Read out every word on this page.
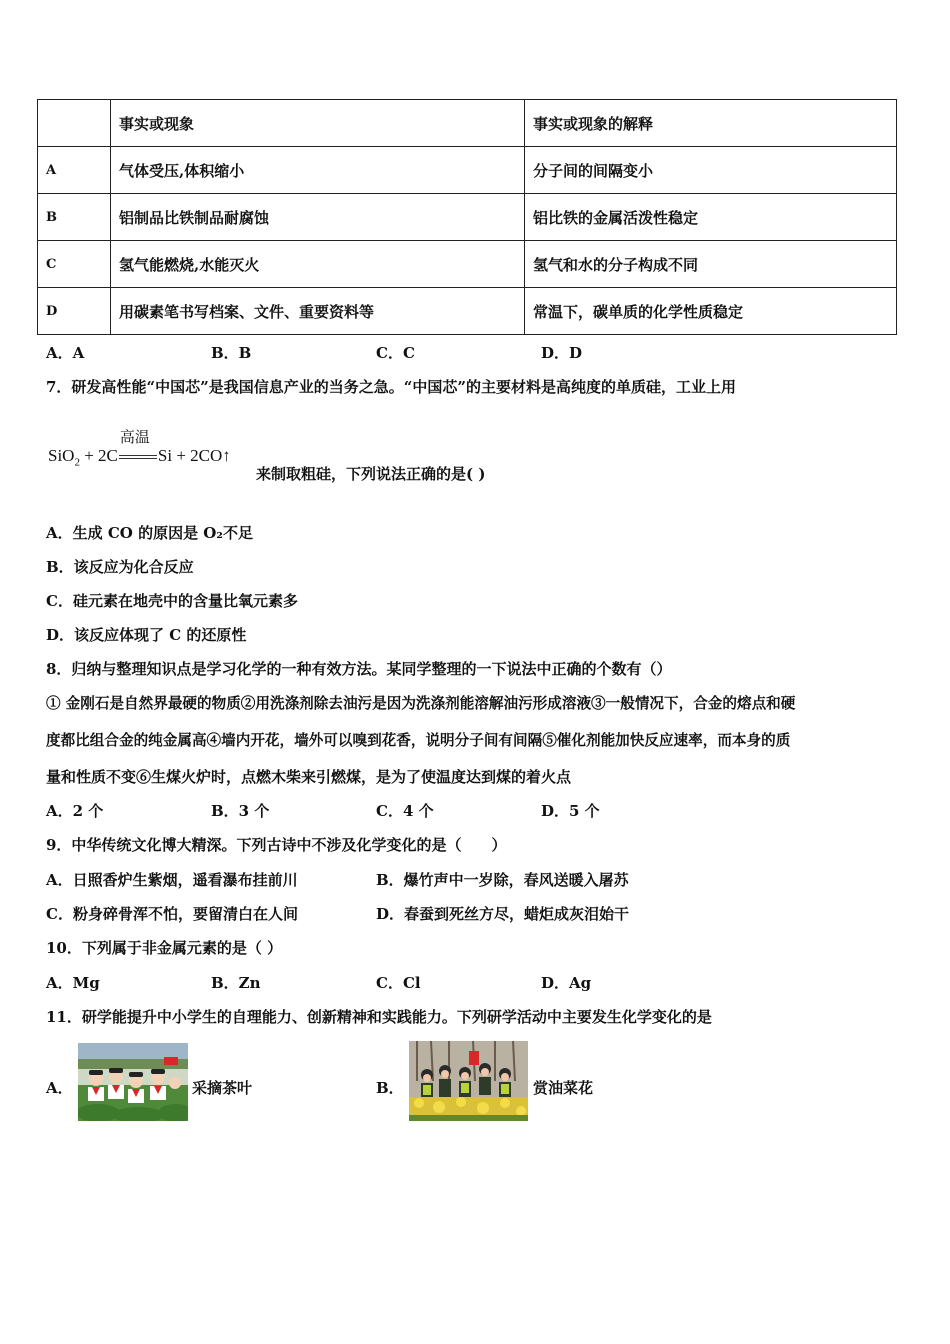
	事实或现象	事实或现象的解释
A	气体受压,体积缩小	分子间的间隔变小
B	铝制品比铁制品耐腐蚀	铝比铁的金属活泼性稳定
C	氢气能燃烧,水能灭火	氢气和水的分子构成不同
D	用碳素笔书写档案、文件、重要资料等	常温下，碳单质的化学性质稳定
A．A	B．B	C．C	D．D
7．研发高性能“中国芯”是我国信息产业的当务之急。“中国芯”的主要材料是高纯度的单质硅，工业上用
SiO$_2$ + 2C
高温
Si + 2CO↑
来制取粗硅，下列说法正确的是( )
A．生成 CO 的原因是 O₂不足
B．该反应为化合反应
C．硅元素在地壳中的含量比氧元素多
D．该反应体现了 C 的还原性
8．归纳与整理知识点是学习化学的一种有效方法。某同学整理的一下说法中正确的个数有（）
① 金刚石是自然界最硬的物质②用洗涤剂除去油污是因为洗涤剂能溶解油污形成溶液③一般情况下，合金的熔点和硬
度都比组合金的纯金属高④墙内开花，墙外可以嗅到花香，说明分子间有间隔⑤催化剂能加快反应速率，而本身的质
量和性质不变⑥生煤火炉时，点燃木柴来引燃煤，是为了使温度达到煤的着火点
A．2 个	B．3 个	C．4 个	D．5 个
9．中华传统文化博大精深。下列古诗中不涉及化学变化的是（　　）
A．日照香炉生紫烟，遥看瀑布挂前川	B．爆竹声中一岁除，春风送暖入屠苏
C．粉身碎骨浑不怕，要留清白在人间	D．春蚕到死丝方尽，蜡炬成灰泪始干
10．下列属于非金属元素的是（ ）
A．Mg	B．Zn	C．Cl	D．Ag
11．研学能提升中小学生的自理能力、创新精神和实践能力。下列研学活动中主要发生化学变化的是
A．	采摘茶叶	B．	赏油菜花
